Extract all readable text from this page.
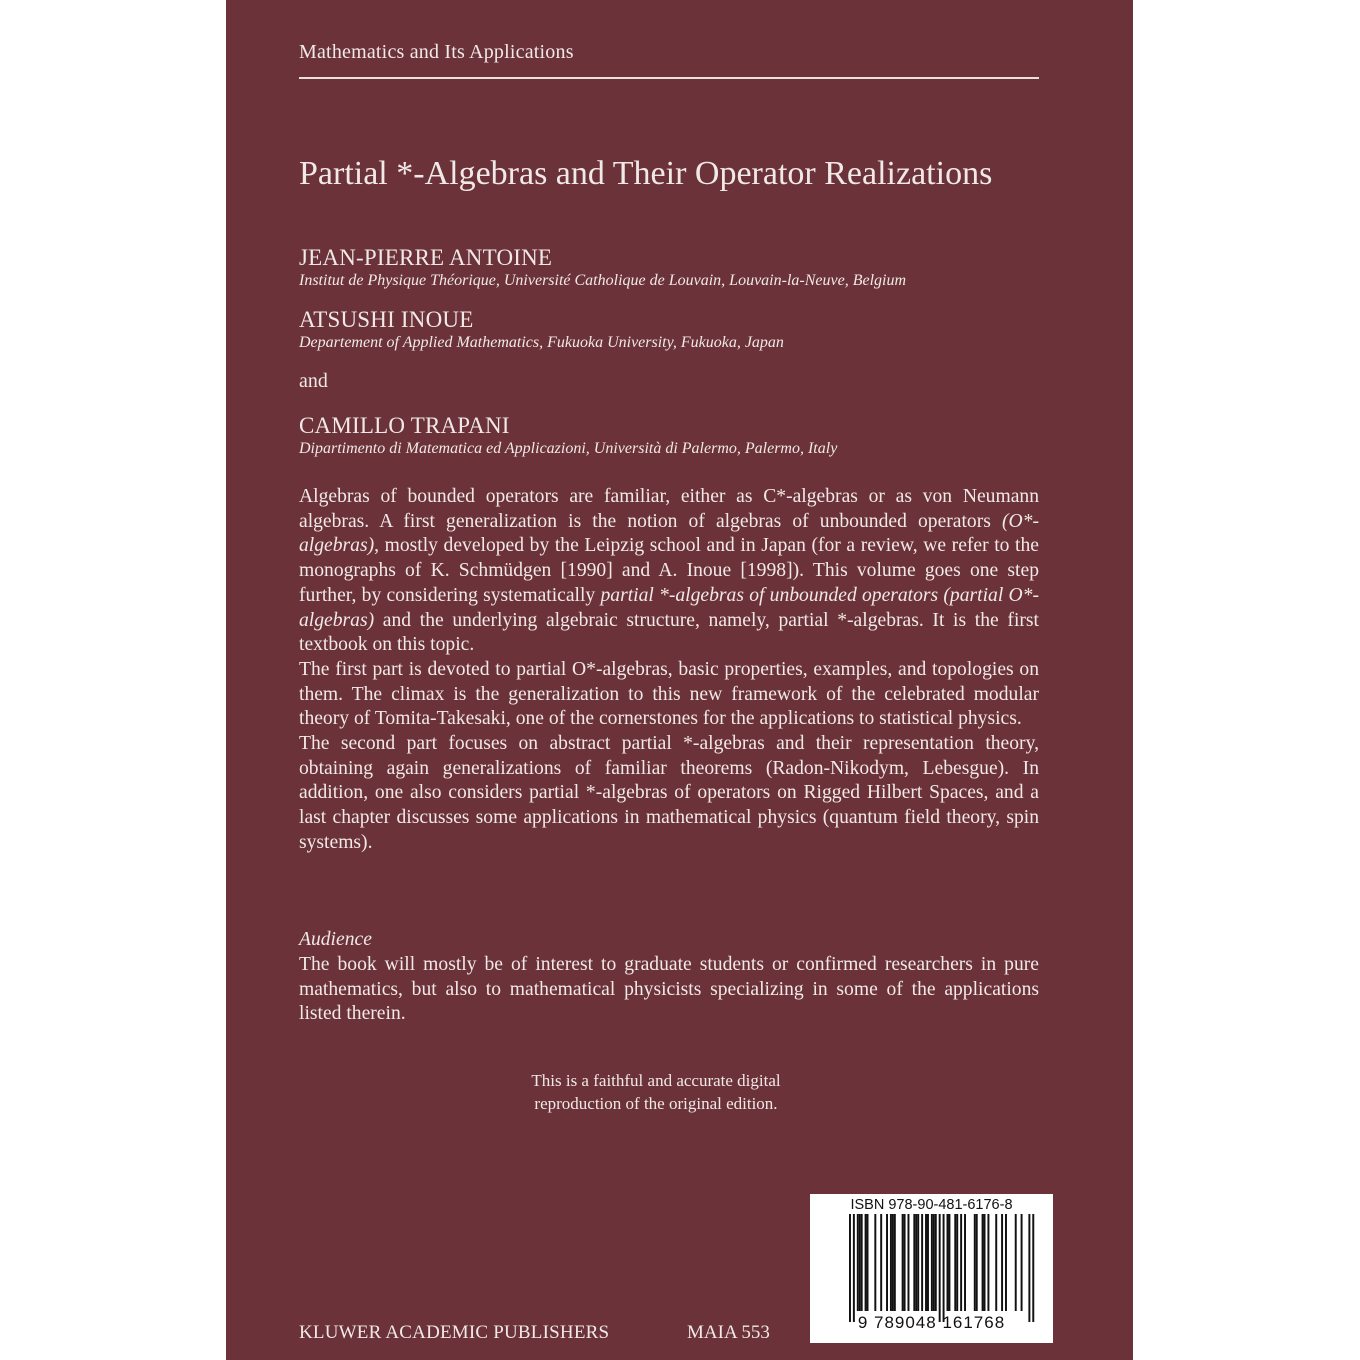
Mathematics and Its Applications
Partial *-Algebras and Their Operator Realizations
JEAN-PIERRE ANTOINE
Institut de Physique Théorique, Université Catholique de Louvain, Louvain-la-Neuve, Belgium
ATSUSHI INOUE
Departement of Applied Mathematics, Fukuoka University, Fukuoka, Japan
and
CAMILLO TRAPANI
Dipartimento di Matematica ed Applicazioni, Università di Palermo, Palermo, Italy

Algebras of bounded operators are familiar, either as C*-algebras or as von Neumann algebras. A first generalization is the notion of algebras of unbounded operators (O*-algebras), mostly developed by the Leipzig school and in Japan (for a review, we refer to the monographs of K. Schmüdgen [1990] and A. Inoue [1998]). This volume goes one step further, by considering systematically partial *-algebras of unbounded operators (partial O*-algebras) and the underlying algebraic structure, namely, partial *-algebras. It is the first textbook on this topic.

The first part is devoted to partial O*-algebras, basic properties, examples, and topologies on them. The climax is the generalization to this new framework of the celebrated modular theory of Tomita-Takesaki, one of the cornerstones for the applications to statistical physics.

The second part focuses on abstract partial *-algebras and their representation theory, obtaining again generalizations of familiar theorems (Radon-Nikodym, Lebesgue). In addition, one also considers partial *-algebras of operators on Rigged Hilbert Spaces, and a last chapter discusses some applications in mathematical physics (quantum field theory, spin systems).

Audience
The book will mostly be of interest to graduate students or confirmed researchers in pure mathematics, but also to mathematical physicists specializing in some of the applications listed therein.
This is a faithful and accurate digital
reproduction of the original edition.
KLUWER ACADEMIC PUBLISHERS	MAIA 553
ISBN 978-90-481-6176-8
9 789048 161768
